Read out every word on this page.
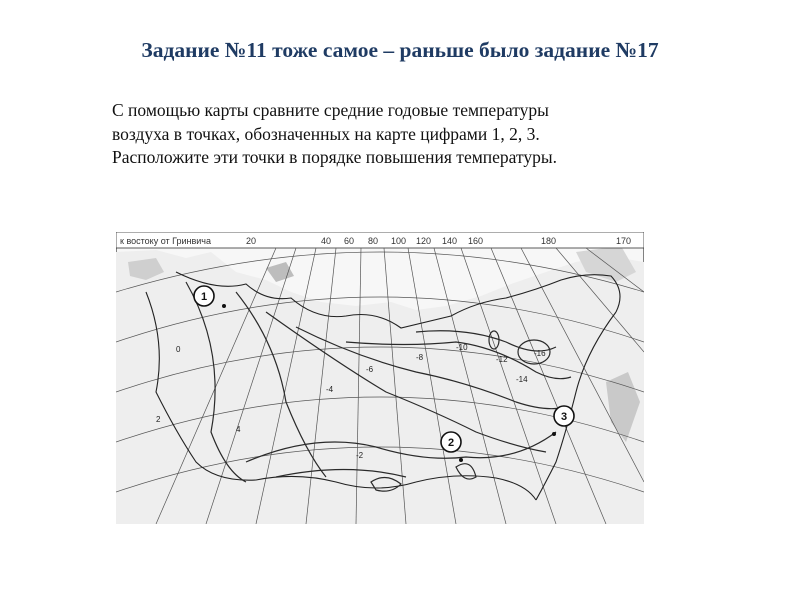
Задание №11 тоже самое – раньше было задание №17
С помощью карты сравните средние годовые температуры
воздуха в точках, обозначенных на карте цифрами 1, 2, 3.
Расположите эти точки в порядке повышения температуры.
к востоку от Гринвича	20	40 60 80 100 120 140 160	180	170
0
-2
-4
-6
-8
-10
-12
-14
-16
2
4
1
2
3
